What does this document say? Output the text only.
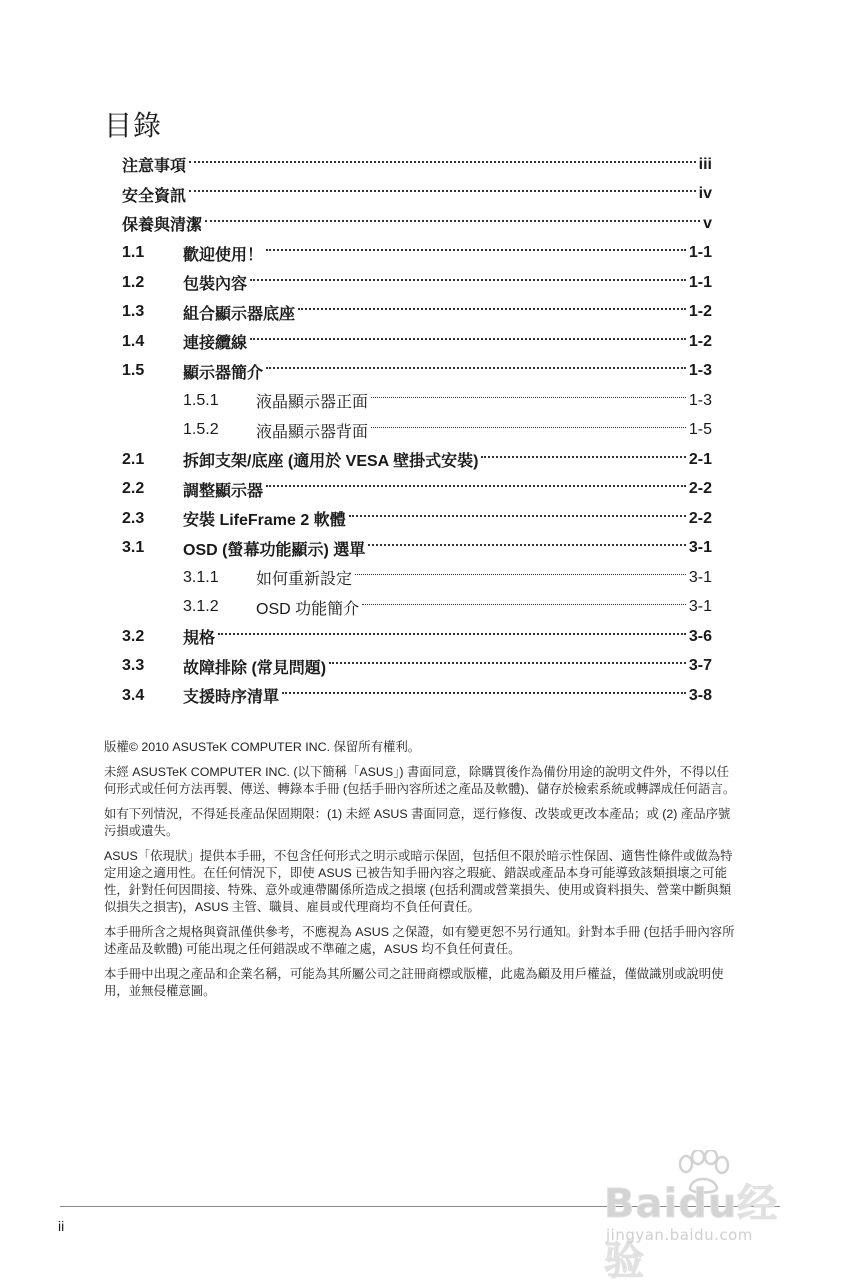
目錄
注意事項	iii
安全資訊	iv
保養與清潔	v
1.1	歡迎使用！	1-1
1.2	包裝內容	1-1
1.3	組合顯示器底座	1-2
1.4	連接纜線	1-2
1.5	顯示器簡介	1-3
1.5.1	液晶顯示器正面	1-3
1.5.2	液晶顯示器背面	1-5
2.1	拆卸支架/底座 (適用於 VESA 壁掛式安裝)	2-1
2.2	調整顯示器	2-2
2.3	安裝 LifeFrame 2 軟體	2-2
3.1	OSD (螢幕功能顯示) 選單	3-1
3.1.1	如何重新設定	3-1
3.1.2	OSD 功能簡介	3-1
3.2	規格	3-6
3.3	故障排除 (常見問題)	3-7
3.4	支援時序清單	3-8

版權© 2010 ASUSTeK COMPUTER INC. 保留所有權利。

未經 ASUSTeK COMPUTER INC. (以下簡稱「ASUS」) 書面同意，除購買後作為備份用途的說明文件外，不得以任何形式或任何方法再製、傳送、轉錄本手冊 (包括手冊內容所述之產品及軟體)、儲存於檢索系統或轉譯成任何語言。

如有下列情況，不得延長產品保固期限：(1) 未經 ASUS 書面同意，逕行修復、改裝或更改本產品；或 (2) 產品序號污損或遺失。

ASUS「依現狀」提供本手冊，不包含任何形式之明示或暗示保固，包括但不限於暗示性保固、適售性條件或做為特定用途之適用性。在任何情況下，即使 ASUS 已被告知手冊內容之瑕疵、錯誤或產品本身可能導致該類損壞之可能性，針對任何因間接、特殊、意外或連帶關係所造成之損壞 (包括利潤或營業損失、使用或資料損失、營業中斷與類似損失之損害)，ASUS 主管、職員、雇員或代理商均不負任何責任。

本手冊所含之規格與資訊僅供參考，不應視為 ASUS 之保證，如有變更恕不另行通知。針對本手冊 (包括手冊內容所述產品及軟體) 可能出現之任何錯誤或不準確之處，ASUS 均不負任何責任。

本手冊中出現之產品和企業名稱，可能為其所屬公司之註冊商標或版權，此處為顧及用戶權益，僅做識別或說明使用，並無侵權意圖。

ii	Baidu经验
jingyan.baidu.com
